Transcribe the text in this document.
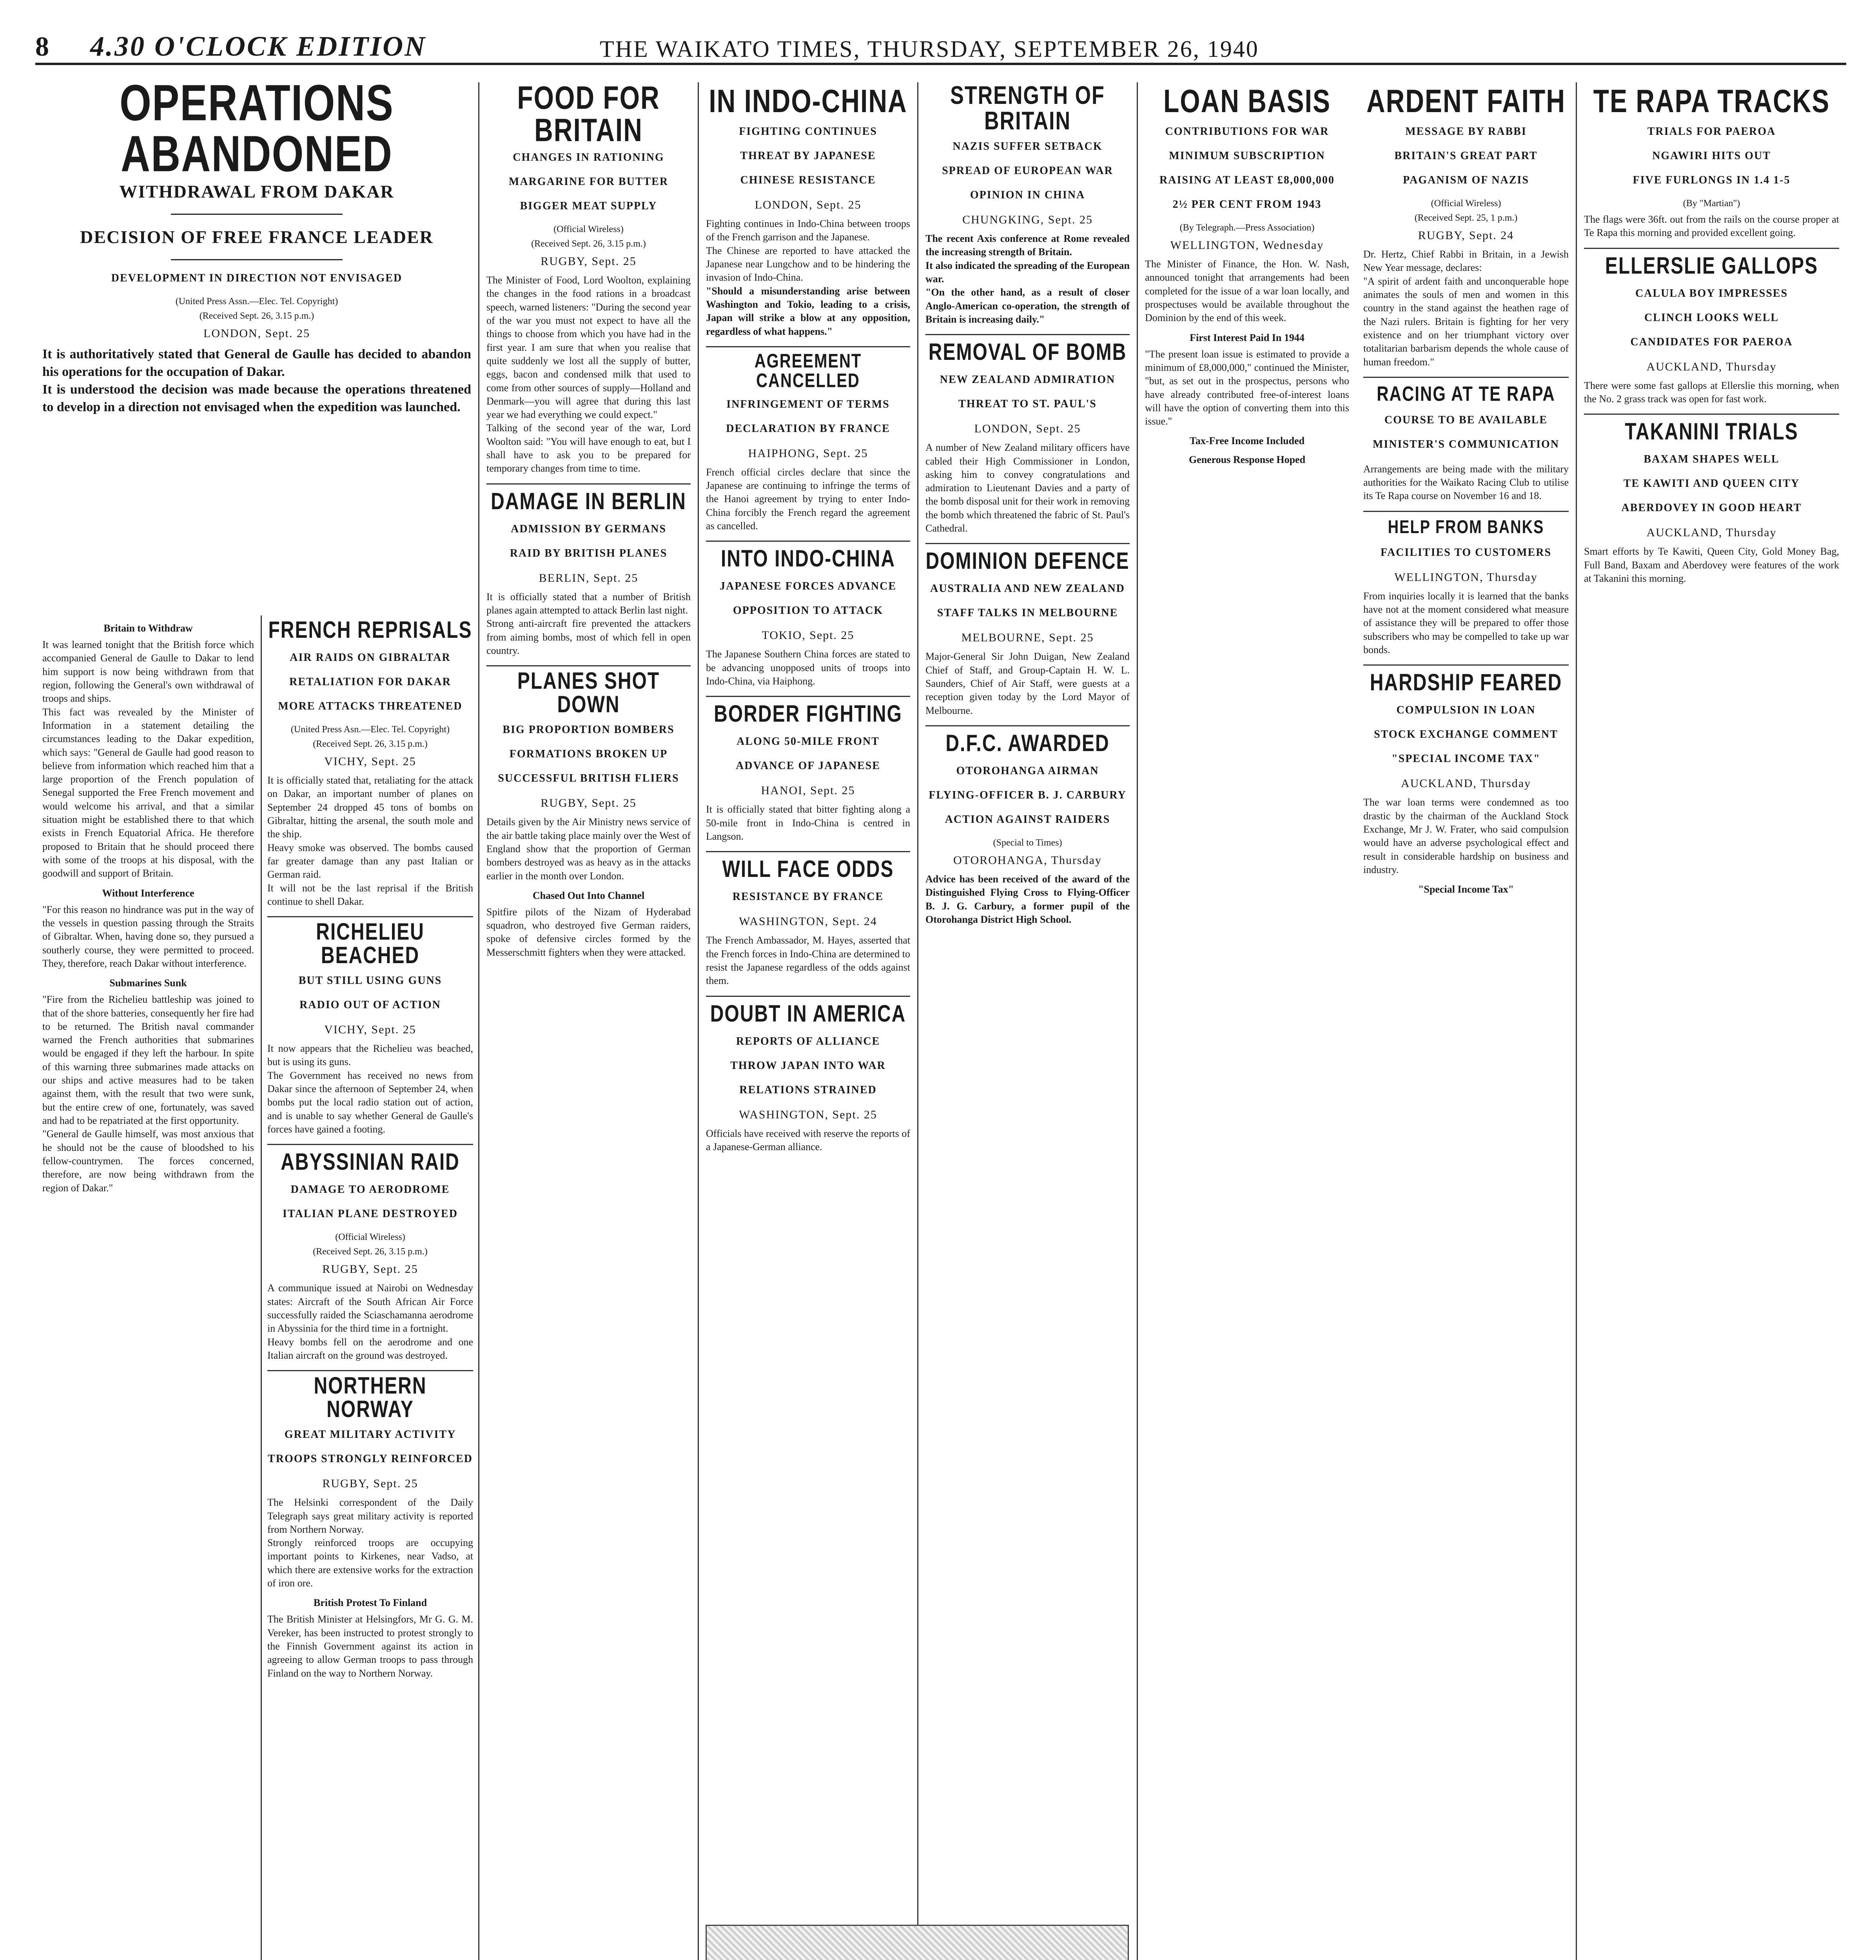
8	4.30 O'CLOCK EDITION	THE WAIKATO TIMES, THURSDAY, SEPTEMBER 26, 1940
OPERATIONS ABANDONED
WITHDRAWAL FROM DAKAR
DECISION OF FREE FRANCE LEADER
DEVELOPMENT IN DIRECTION NOT ENVISAGED
(United Press Assn.—Elec. Tel. Copyright)
(Received Sept. 26, 3.15 p.m.)
LONDON, Sept. 25

It is authoritatively stated that General de Gaulle has decided to abandon his operations for the occupation of Dakar.

It is understood the decision was made because the operations threatened to develop in a direction not envisaged when the expedition was launched.

Britain to Withdraw

It was learned tonight that the British force which accompanied General de Gaulle to Dakar to lend him support is now being withdrawn from that region, following the General's own withdrawal of troops and ships.

This fact was revealed by the Minister of Information in a statement detailing the circumstances leading to the Dakar expedition, which says: "General de Gaulle had good reason to believe from information which reached him that a large proportion of the French population of Senegal supported the Free French movement and would welcome his arrival, and that a similar situation might be established there to that which exists in French Equatorial Africa. He therefore proposed to Britain that he should proceed there with some of the troops at his disposal, with the goodwill and support of Britain.

Without Interference

"For this reason no hindrance was put in the way of the vessels in question passing through the Straits of Gibraltar. When, having done so, they pursued a southerly course, they were permitted to proceed. They, therefore, reach Dakar without interference.

Submarines Sunk

"Fire from the Richelieu battleship was joined to that of the shore batteries, consequently her fire had to be returned. The British naval commander warned the French authorities that submarines would be engaged if they left the harbour. In spite of this warning three submarines made attacks on our ships and active measures had to be taken against them, with the result that two were sunk, but the entire crew of one, fortunately, was saved and had to be repatriated at the first opportunity.

"General de Gaulle himself, was most anxious that he should not be the cause of bloodshed to his fellow-countrymen. The forces concerned, therefore, are now being withdrawn from the region of Dakar."

FRENCH REPRISALS
AIR RAIDS ON GIBRALTAR
RETALIATION FOR DAKAR
MORE ATTACKS THREATENED
(United Press Asn.—Elec. Tel. Copyright)
(Received Sept. 26, 3.15 p.m.)
VICHY, Sept. 25

It is officially stated that, retaliating for the attack on Dakar, an important number of planes on September 24 dropped 45 tons of bombs on Gibraltar, hitting the arsenal, the south mole and the ship.

Heavy smoke was observed. The bombs caused far greater damage than any past Italian or German raid.

It will not be the last reprisal if the British continue to shell Dakar.

RICHELIEU BEACHED
BUT STILL USING GUNS
RADIO OUT OF ACTION
VICHY, Sept. 25

It now appears that the Richelieu was beached, but is using its guns.

The Government has received no news from Dakar since the afternoon of September 24, when bombs put the local radio station out of action, and is unable to say whether General de Gaulle's forces have gained a footing.

ABYSSINIAN RAID
DAMAGE TO AERODROME
ITALIAN PLANE DESTROYED
(Official Wireless)
(Received Sept. 26, 3.15 p.m.)
RUGBY, Sept. 25

A communique issued at Nairobi on Wednesday states: Aircraft of the South African Air Force successfully raided the Sciaschamanna aerodrome in Abyssinia for the third time in a fortnight.

Heavy bombs fell on the aerodrome and one Italian aircraft on the ground was destroyed.

NORTHERN NORWAY
GREAT MILITARY ACTIVITY
TROOPS STRONGLY REINFORCED
RUGBY, Sept. 25

The Helsinki correspondent of the Daily Telegraph says great military activity is reported from Northern Norway.

Strongly reinforced troops are occupying important points to Kirkenes, near Vadso, at which there are extensive works for the extraction of iron ore.

British Protest To Finland

The British Minister at Helsingfors, Mr G. G. M. Vereker, has been instructed to protest strongly to the Finnish Government against its action in agreeing to allow German troops to pass through Finland on the way to Northern Norway.

FOOD FOR BRITAIN
CHANGES IN RATIONING
MARGARINE FOR BUTTER
BIGGER MEAT SUPPLY
(Official Wireless)
(Received Sept. 26, 3.15 p.m.)
RUGBY, Sept. 25

The Minister of Food, Lord Woolton, explaining the changes in the food rations in a broadcast speech, warned listeners: "During the second year of the war you must not expect to have all the things to choose from which you have had in the first year. I am sure that when you realise that quite suddenly we lost all the supply of butter, eggs, bacon and condensed milk that used to come from other sources of supply—Holland and Denmark—you will agree that during this last year we had everything we could expect."

Talking of the second year of the war, Lord Woolton said: "You will have enough to eat, but I shall have to ask you to be prepared for temporary changes from time to time.

DAMAGE IN BERLIN
ADMISSION BY GERMANS
RAID BY BRITISH PLANES
BERLIN, Sept. 25

It is officially stated that a number of British planes again attempted to attack Berlin last night.

Strong anti-aircraft fire prevented the attackers from aiming bombs, most of which fell in open country.

PLANES SHOT DOWN
BIG PROPORTION BOMBERS
FORMATIONS BROKEN UP
SUCCESSFUL BRITISH FLIERS
RUGBY, Sept. 25

Details given by the Air Ministry news service of the air battle taking place mainly over the West of England show that the proportion of German bombers destroyed was as heavy as in the attacks earlier in the month over London.

Chased Out Into Channel

Spitfire pilots of the Nizam of Hyderabad squadron, who destroyed five German raiders, spoke of defensive circles formed by the Messerschmitt fighters when they were attacked.

IN INDO-CHINA
FIGHTING CONTINUES
THREAT BY JAPANESE
CHINESE RESISTANCE
LONDON, Sept. 25

Fighting continues in Indo-China between troops of the French garrison and the Japanese.

The Chinese are reported to have attacked the Japanese near Lungchow and to be hindering the invasion of Indo-China.

"Should a misunderstanding arise between Washington and Tokio, leading to a crisis, Japan will strike a blow at any opposition, regardless of what happens."

AGREEMENT CANCELLED
INFRINGEMENT OF TERMS
DECLARATION BY FRANCE
HAIPHONG, Sept. 25

French official circles declare that since the Japanese are continuing to infringe the terms of the Hanoi agreement by trying to enter Indo-China forcibly the French regard the agreement as cancelled.

INTO INDO-CHINA
JAPANESE FORCES ADVANCE
OPPOSITION TO ATTACK
TOKIO, Sept. 25

The Japanese Southern China forces are stated to be advancing unopposed units of troops into Indo-China, via Haiphong.

BORDER FIGHTING
ALONG 50-MILE FRONT
ADVANCE OF JAPANESE
HANOI, Sept. 25

It is officially stated that bitter fighting along a 50-mile front in Indo-China is centred in Langson.

WILL FACE ODDS
RESISTANCE BY FRANCE
WASHINGTON, Sept. 24

The French Ambassador, M. Hayes, asserted that the French forces in Indo-China are determined to resist the Japanese regardless of the odds against them.

DOUBT IN AMERICA
REPORTS OF ALLIANCE
THROW JAPAN INTO WAR
RELATIONS STRAINED
WASHINGTON, Sept. 25

Officials have received with reserve the reports of a Japanese-German alliance.

STRENGTH OF BRITAIN
NAZIS SUFFER SETBACK
SPREAD OF EUROPEAN WAR
OPINION IN CHINA
CHUNGKING, Sept. 25

The recent Axis conference at Rome revealed the increasing strength of Britain.

It also indicated the spreading of the European war.

"On the other hand, as a result of closer Anglo-American co-operation, the strength of Britain is increasing daily."

REMOVAL OF BOMB
NEW ZEALAND ADMIRATION
THREAT TO ST. PAUL'S
LONDON, Sept. 25

A number of New Zealand military officers have cabled their High Commissioner in London, asking him to convey congratulations and admiration to Lieutenant Davies and a party of the bomb disposal unit for their work in removing the bomb which threatened the fabric of St. Paul's Cathedral.

DOMINION DEFENCE
AUSTRALIA AND NEW ZEALAND
STAFF TALKS IN MELBOURNE
MELBOURNE, Sept. 25

Major-General Sir John Duigan, New Zealand Chief of Staff, and Group-Captain H. W. L. Saunders, Chief of Air Staff, were guests at a reception given today by the Lord Mayor of Melbourne.

D.F.C. AWARDED
OTOROHANGA AIRMAN
FLYING-OFFICER B. J. CARBURY
ACTION AGAINST RAIDERS
(Special to Times)
OTOROHANGA, Thursday

Advice has been received of the award of the Distinguished Flying Cross to Flying-Officer B. J. G. Carbury, a former pupil of the Otorohanga District High School.

LOAN BASIS
CONTRIBUTIONS FOR WAR
MINIMUM SUBSCRIPTION
RAISING AT LEAST £8,000,000
2½ PER CENT FROM 1943
(By Telegraph.—Press Association)
WELLINGTON, Wednesday

The Minister of Finance, the Hon. W. Nash, announced tonight that arrangements had been completed for the issue of a war loan locally, and prospectuses would be available throughout the Dominion by the end of this week.

First Interest Paid In 1944

"The present loan issue is estimated to provide a minimum of £8,000,000," continued the Minister, "but, as set out in the prospectus, persons who have already contributed free-of-interest loans will have the option of converting them into this issue."

Tax-Free Income Included
Generous Response Hoped
ARDENT FAITH
MESSAGE BY RABBI
BRITAIN'S GREAT PART
PAGANISM OF NAZIS
(Official Wireless)
(Received Sept. 25, 1 p.m.)
RUGBY, Sept. 24

Dr. Hertz, Chief Rabbi in Britain, in a Jewish New Year message, declares:

"A spirit of ardent faith and unconquerable hope animates the souls of men and women in this country in the stand against the heathen rage of the Nazi rulers. Britain is fighting for her very existence and on her triumphant victory over totalitarian barbarism depends the whole cause of human freedom."

RACING AT TE RAPA
COURSE TO BE AVAILABLE
MINISTER'S COMMUNICATION

Arrangements are being made with the military authorities for the Waikato Racing Club to utilise its Te Rapa course on November 16 and 18.

HELP FROM BANKS
FACILITIES TO CUSTOMERS
WELLINGTON, Thursday

From inquiries locally it is learned that the banks have not at the moment considered what measure of assistance they will be prepared to offer those subscribers who may be compelled to take up war bonds.

HARDSHIP FEARED
COMPULSION IN LOAN
STOCK EXCHANGE COMMENT
"SPECIAL INCOME TAX"
AUCKLAND, Thursday

The war loan terms were condemned as too drastic by the chairman of the Auckland Stock Exchange, Mr J. W. Frater, who said compulsion would have an adverse psychological effect and result in considerable hardship on business and industry.

"Special Income Tax"
TE RAPA TRACKS
TRIALS FOR PAEROA
NGAWIRI HITS OUT
FIVE FURLONGS IN 1.4 1-5
(By "Martian")

The flags were 36ft. out from the rails on the course proper at Te Rapa this morning and provided excellent going.

ELLERSLIE GALLOPS
CALULA BOY IMPRESSES
CLINCH LOOKS WELL
CANDIDATES FOR PAEROA
AUCKLAND, Thursday

There were some fast gallops at Ellerslie this morning, when the No. 2 grass track was open for fast work.

TAKANINI TRIALS
BAXAM SHAPES WELL
TE KAWITI AND QUEEN CITY
ABERDOVEY IN GOOD HEART
AUCKLAND, Thursday

Smart efforts by Te Kawiti, Queen City, Gold Money Bag, Full Band, Baxam and Aberdovey were features of the work at Takanini this morning.
